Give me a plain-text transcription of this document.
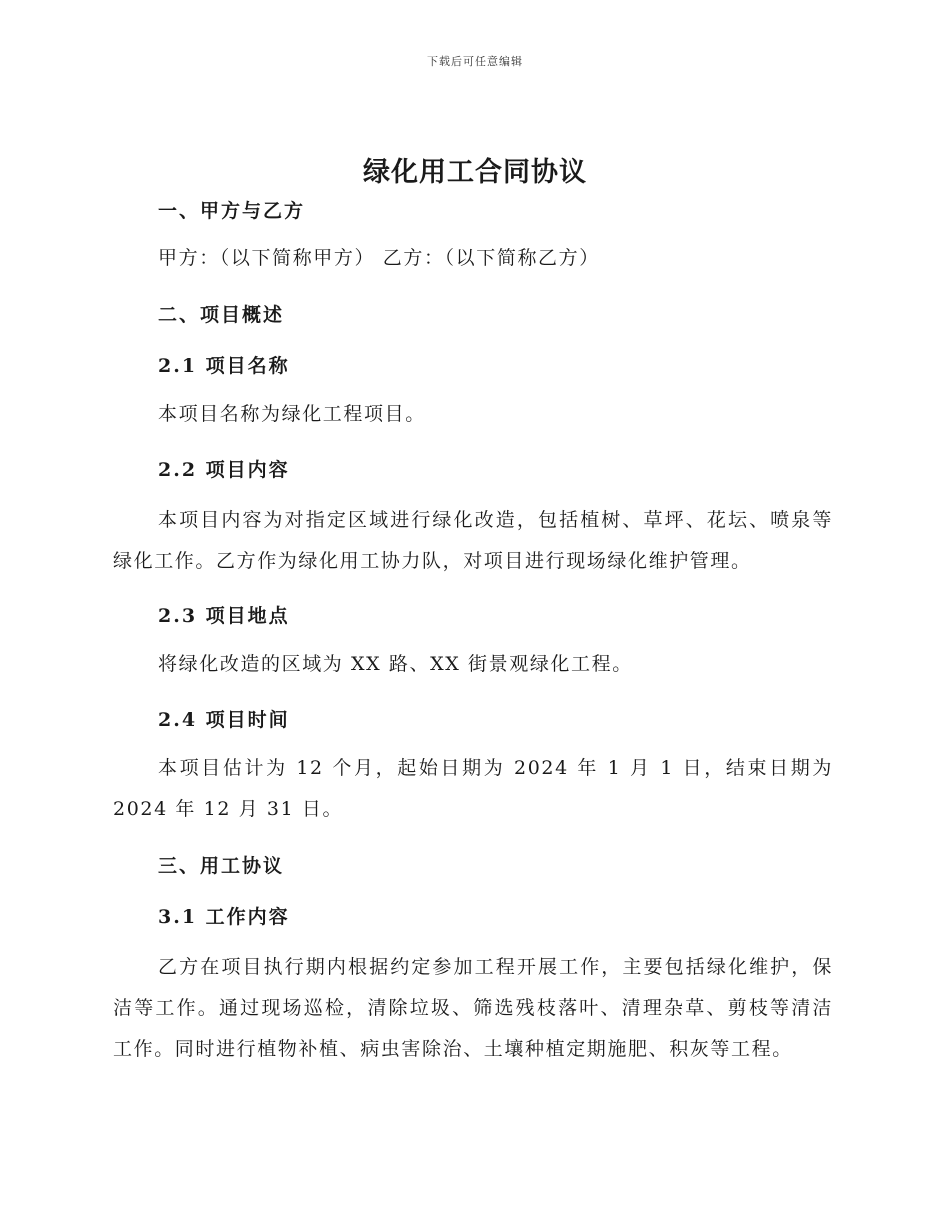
下载后可任意编辑
绿化用工合同协议

一、甲方与乙方

甲方：（以下简称甲方） 乙方：（以下简称乙方）

二、项目概述

2.1 项目名称

本项目名称为绿化工程项目。

2.2 项目内容

本项目内容为对指定区域进行绿化改造，包括植树、草坪、花坛、喷泉等绿化工作。乙方作为绿化用工协力队，对项目进行现场绿化维护管理。

2.3 项目地点

将绿化改造的区域为 XX 路、XX 街景观绿化工程。

2.4 项目时间

本项目估计为 12 个月，起始日期为 2024 年 1 月 1 日，结束日期为 2024 年 12 月 31 日。

三、用工协议

3.1 工作内容

乙方在项目执行期内根据约定参加工程开展工作，主要包括绿化维护，保洁等工作。通过现场巡检，清除垃圾、筛选残枝落叶、清理杂草、剪枝等清洁工作。同时进行植物补植、病虫害除治、土壤种植定期施肥、积灰等工程。
